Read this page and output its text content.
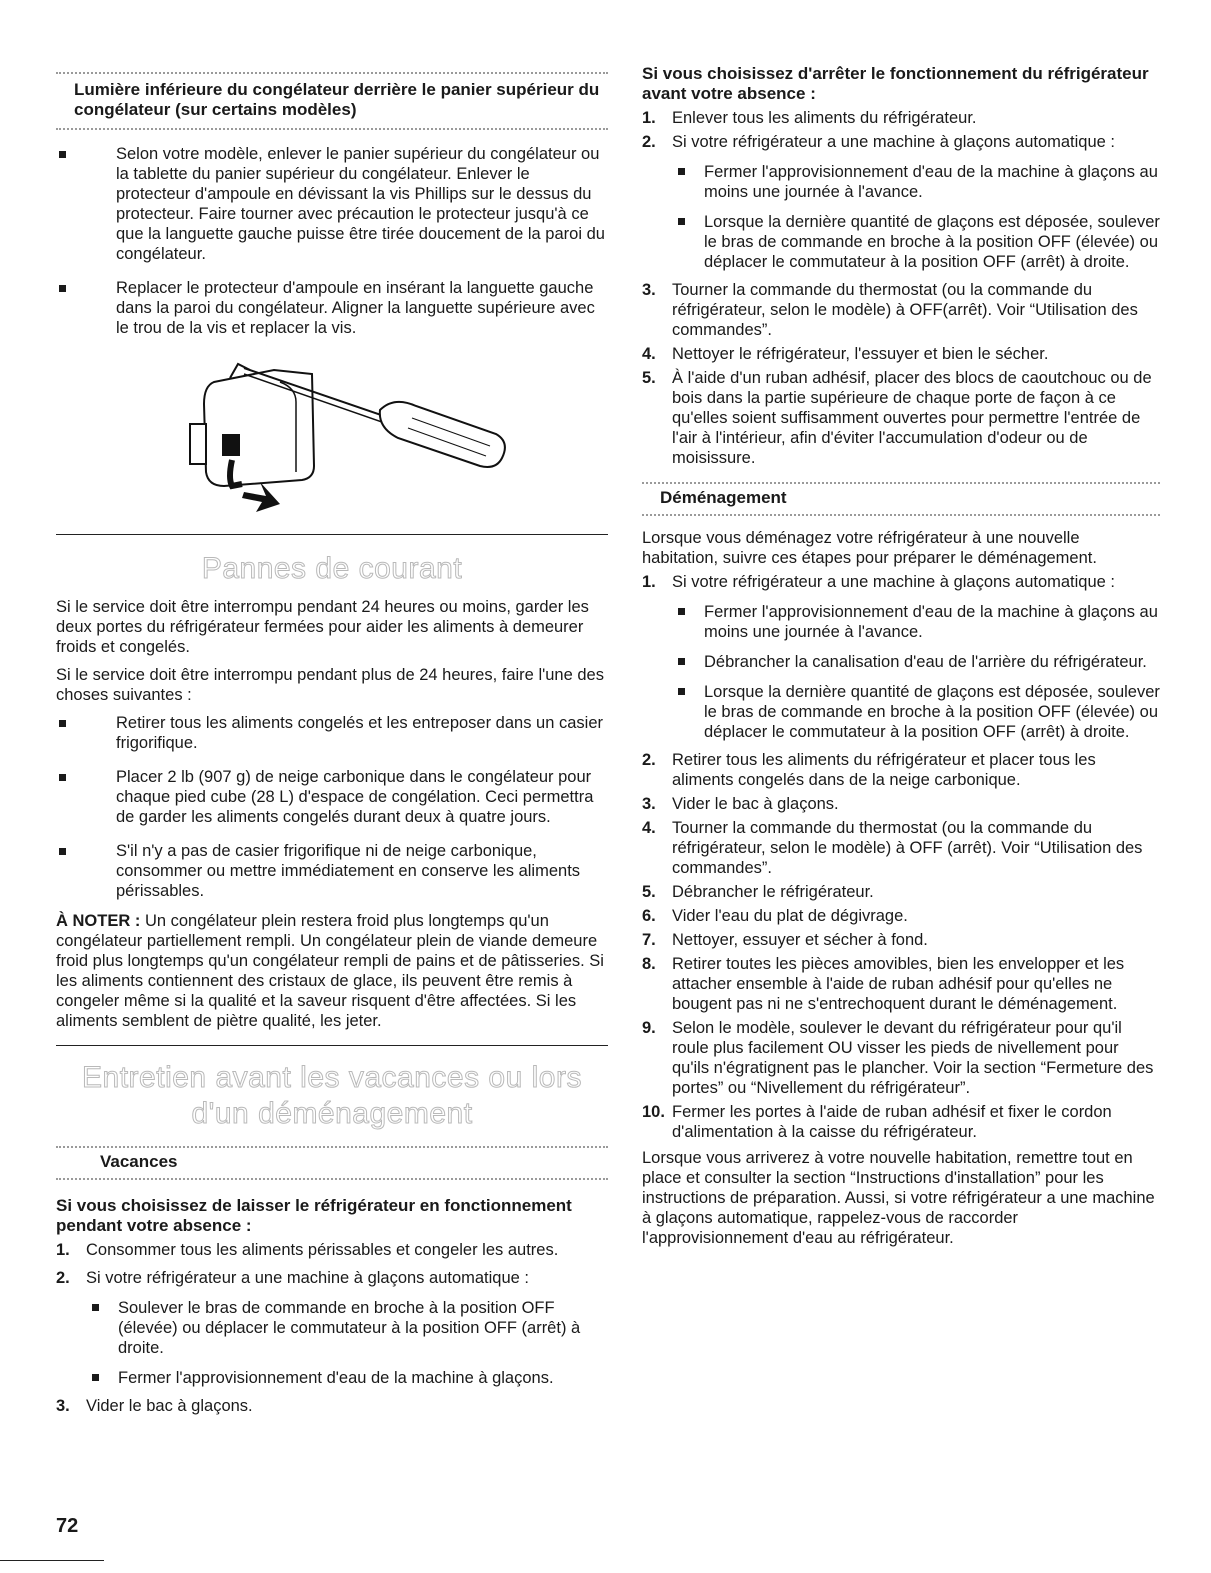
Lumière inférieure du congélateur derrière le panier supérieur du congélateur (sur certains modèles)
Selon votre modèle, enlever le panier supérieur du congélateur ou la tablette du panier supérieur du congélateur. Enlever le protecteur d'ampoule en dévissant la vis Phillips sur le dessus du protecteur. Faire tourner avec précaution le protecteur jusqu'à ce que la languette gauche puisse être tirée doucement de la paroi du congélateur.
Replacer le protecteur d'ampoule en insérant la languette gauche dans la paroi du congélateur. Aligner la languette supérieure avec le trou de la vis et replacer la vis.
Pannes de courant

Si le service doit être interrompu pendant 24 heures ou moins, garder les deux portes du réfrigérateur fermées pour aider les aliments à demeurer froids et congelés.

Si le service doit être interrompu pendant plus de 24 heures, faire l'une des choses suivantes :

Retirer tous les aliments congelés et les entreposer dans un casier frigorifique.
Placer 2 lb (907 g) de neige carbonique dans le congélateur pour chaque pied cube (28 L) d'espace de congélation. Ceci permettra de garder les aliments congelés durant deux à quatre jours.
S'il n'y a pas de casier frigorifique ni de neige carbonique, consommer ou mettre immédiatement en conserve les aliments périssables.

À NOTER : Un congélateur plein restera froid plus longtemps qu'un congélateur partiellement rempli. Un congélateur plein de viande demeure froid plus longtemps qu'un congélateur rempli de pains et de pâtisseries. Si les aliments contiennent des cristaux de glace, ils peuvent être remis à congeler même si la qualité et la saveur risquent d'être affectées. Si les aliments semblent de piètre qualité, les jeter.

Entretien avant les vacances ou lors
d'un déménagement
Vacances
Si vous choisissez de laisser le réfrigérateur en fonctionnement pendant votre absence :
1. Consommer tous les aliments périssables et congeler les autres.
2. Si votre réfrigérateur a une machine à glaçons automatique :
Soulever le bras de commande en broche à la position OFF (élevée) ou déplacer le commutateur à la position OFF (arrêt) à droite.
Fermer l'approvisionnement d'eau de la machine à glaçons.
3. Vider le bac à glaçons.
Si vous choisissez d'arrêter le fonctionnement du réfrigérateur avant votre absence :
1. Enlever tous les aliments du réfrigérateur.
2. Si votre réfrigérateur a une machine à glaçons automatique :
Fermer l'approvisionnement d'eau de la machine à glaçons au moins une journée à l'avance.
Lorsque la dernière quantité de glaçons est déposée, soulever le bras de commande en broche à la position OFF (élevée) ou déplacer le commutateur à la position OFF (arrêt) à droite.
3. Tourner la commande du thermostat (ou la commande du réfrigérateur, selon le modèle) à OFF(arrêt). Voir “Utilisation des commandes”.
4. Nettoyer le réfrigérateur, l'essuyer et bien le sécher.
5. À l'aide d'un ruban adhésif, placer des blocs de caoutchouc ou de bois dans la partie supérieure de chaque porte de façon à ce qu'elles soient suffisamment ouvertes pour permettre l'entrée de l'air à l'intérieur, afin d'éviter l'accumulation d'odeur ou de moisissure.
Déménagement

Lorsque vous déménagez votre réfrigérateur à une nouvelle habitation, suivre ces étapes pour préparer le déménagement.

1. Si votre réfrigérateur a une machine à glaçons automatique :
Fermer l'approvisionnement d'eau de la machine à glaçons au moins une journée à l'avance.
Débrancher la canalisation d'eau de l'arrière du réfrigérateur.
Lorsque la dernière quantité de glaçons est déposée, soulever le bras de commande en broche à la position OFF (élevée) ou déplacer le commutateur à la position OFF (arrêt) à droite.
2. Retirer tous les aliments du réfrigérateur et placer tous les aliments congelés dans de la neige carbonique.
3. Vider le bac à glaçons.
4. Tourner la commande du thermostat (ou la commande du réfrigérateur, selon le modèle) à OFF (arrêt). Voir “Utilisation des commandes”.
5. Débrancher le réfrigérateur.
6. Vider l'eau du plat de dégivrage.
7. Nettoyer, essuyer et sécher à fond.
8. Retirer toutes les pièces amovibles, bien les envelopper et les attacher ensemble à l'aide de ruban adhésif pour qu'elles ne bougent pas ni ne s'entrechoquent durant le déménagement.
9. Selon le modèle, soulever le devant du réfrigérateur pour qu'il roule plus facilement OU visser les pieds de nivellement pour qu'ils n'égratignent pas le plancher. Voir la section “Fermeture des portes” ou “Nivellement du réfrigérateur”.
10. Fermer les portes à l'aide de ruban adhésif et fixer le cordon d'alimentation à la caisse du réfrigérateur.

Lorsque vous arriverez à votre nouvelle habitation, remettre tout en place et consulter la section “Instructions d'installation” pour les instructions de préparation. Aussi, si votre réfrigérateur a une machine à glaçons automatique, rappelez-vous de raccorder l'approvisionnement d'eau au réfrigérateur.

72
